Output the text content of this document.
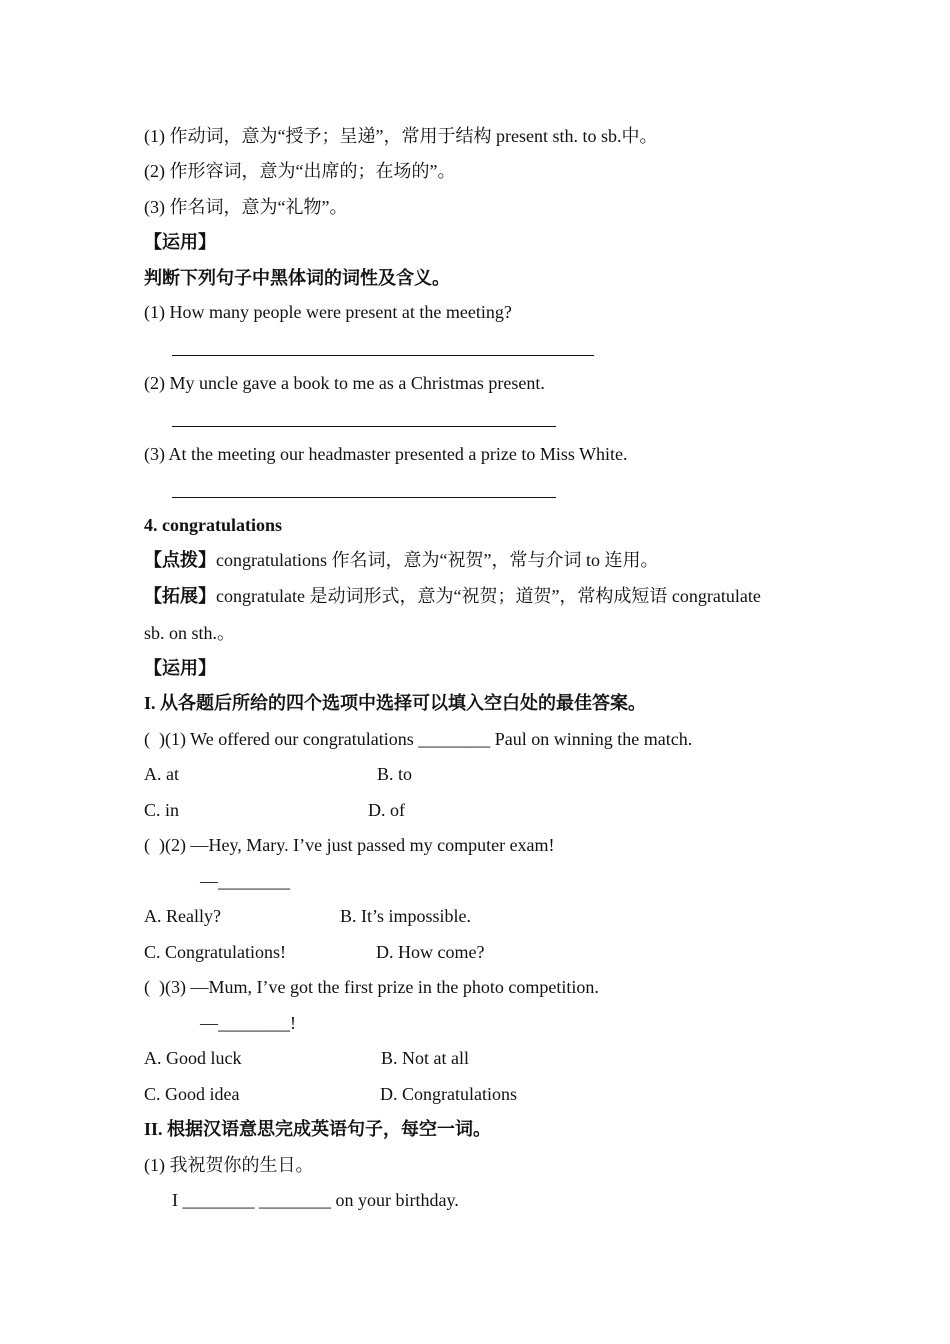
(1) 作动词，意为“授予；呈递”，常用于结构 present sth. to sb.中。
(2) 作形容词，意为“出席的；在场的”。
(3) 作名词，意为“礼物”。
【运用】
判断下列句子中黑体词的词性及含义。
(1) How many people were present at the meeting?
(2) My uncle gave a book to me as a Christmas present.
(3) At the meeting our headmaster presented a prize to Miss White.
4. congratulations
【点拨】congratulations 作名词，意为“祝贺”，常与介词 to 连用。
【拓展】congratulate 是动词形式，意为“祝贺；道贺”，常构成短语 congratulate
sb. on sth.。
【运用】
I. 从各题后所给的四个选项中选择可以填入空白处的最佳答案。
(  )(1) We offered our congratulations ________ Paul on winning the match.
A. at	B. to
C. in	D. of
(  )(2) —Hey, Mary. I’ve just passed my computer exam!
—________
A. Really?	B. It’s impossible.
C. Congratulations!	D. How come?
(  )(3) —Mum, I’ve got the first prize in the photo competition.
—________!
A. Good luck	B. Not at all
C. Good idea	D. Congratulations
II. 根据汉语意思完成英语句子，每空一词。
(1) 我祝贺你的生日。
I ________ ________ on your birthday.
